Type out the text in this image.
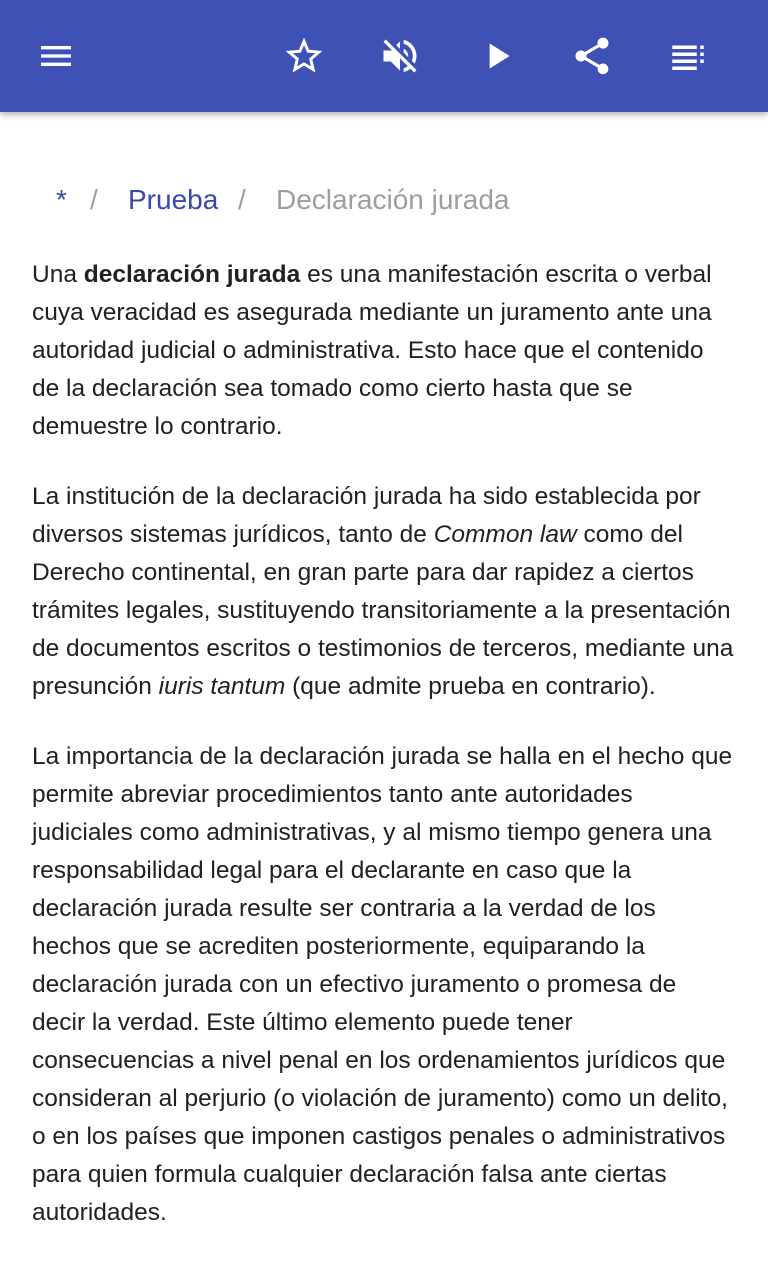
* / Prueba / Declaración jurada

Una declaración jurada es una manifestación escrita o verbal cuya veracidad es asegurada mediante un juramento ante una autoridad judicial o administrativa. Esto hace que el contenido de la declaración sea tomado como cierto hasta que se demuestre lo contrario.

La institución de la declaración jurada ha sido establecida por diversos sistemas jurídicos, tanto de Common law como del Derecho continental, en gran parte para dar rapidez a ciertos trámites legales, sustituyendo transitoriamente a la presentación de documentos escritos o testimonios de terceros, mediante una presunción iuris tantum (que admite prueba en contrario).

La importancia de la declaración jurada se halla en el hecho que permite abreviar procedimientos tanto ante autoridades judiciales como administrativas, y al mismo tiempo genera una responsabilidad legal para el declarante en caso que la declaración jurada resulte ser contraria a la verdad de los hechos que se acrediten posteriormente, equiparando la declaración jurada con un efectivo juramento o promesa de decir la verdad. Este último elemento puede tener consecuencias a nivel penal en los ordenamientos jurídicos que consideran al perjurio (o violación de juramento) como un delito, o en los países que imponen castigos penales o administrativos para quien formula cualquier declaración falsa ante ciertas autoridades.
